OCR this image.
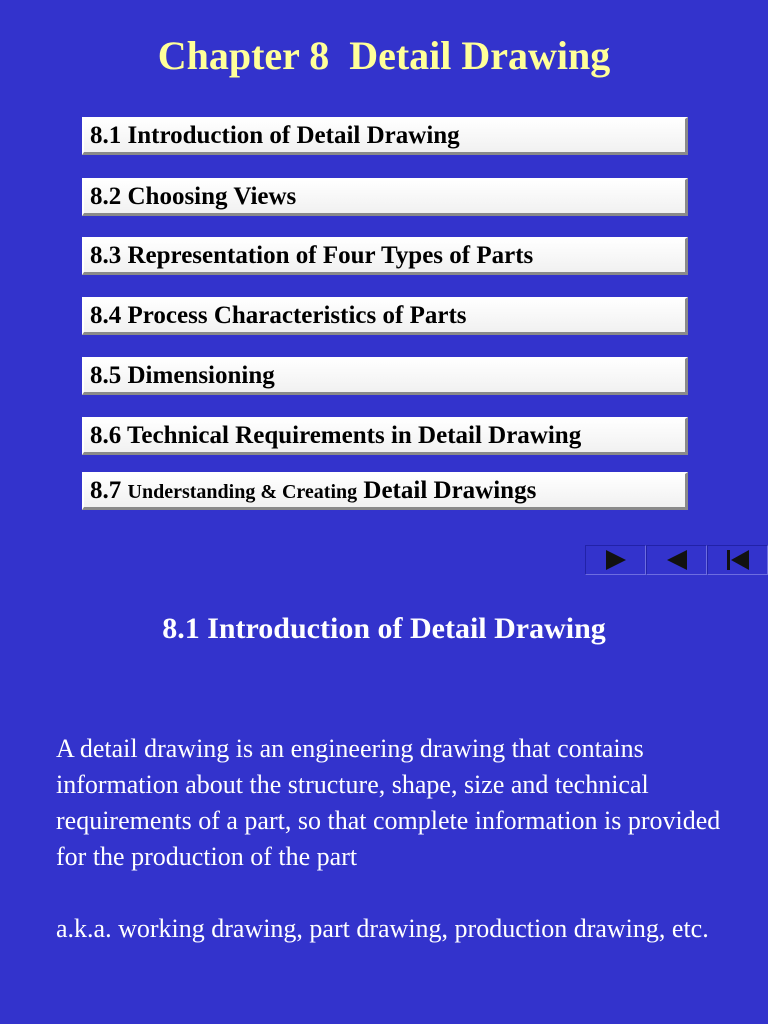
Chapter 8  Detail Drawing
8.1 Introduction of Detail Drawing
8.2 Choosing Views
8.3 Representation of Four Types of Parts
8.4 Process Characteristics of Parts
8.5 Dimensioning
8.6 Technical Requirements in Detail Drawing
8.7 Understanding & Creating Detail Drawings
8.1 Introduction of Detail Drawing

A detail drawing is an engineering drawing that contains information about the structure, shape, size and technical requirements of a part, so that complete information is provided for the production of the part

a.k.a. working drawing, part drawing, production drawing, etc.
